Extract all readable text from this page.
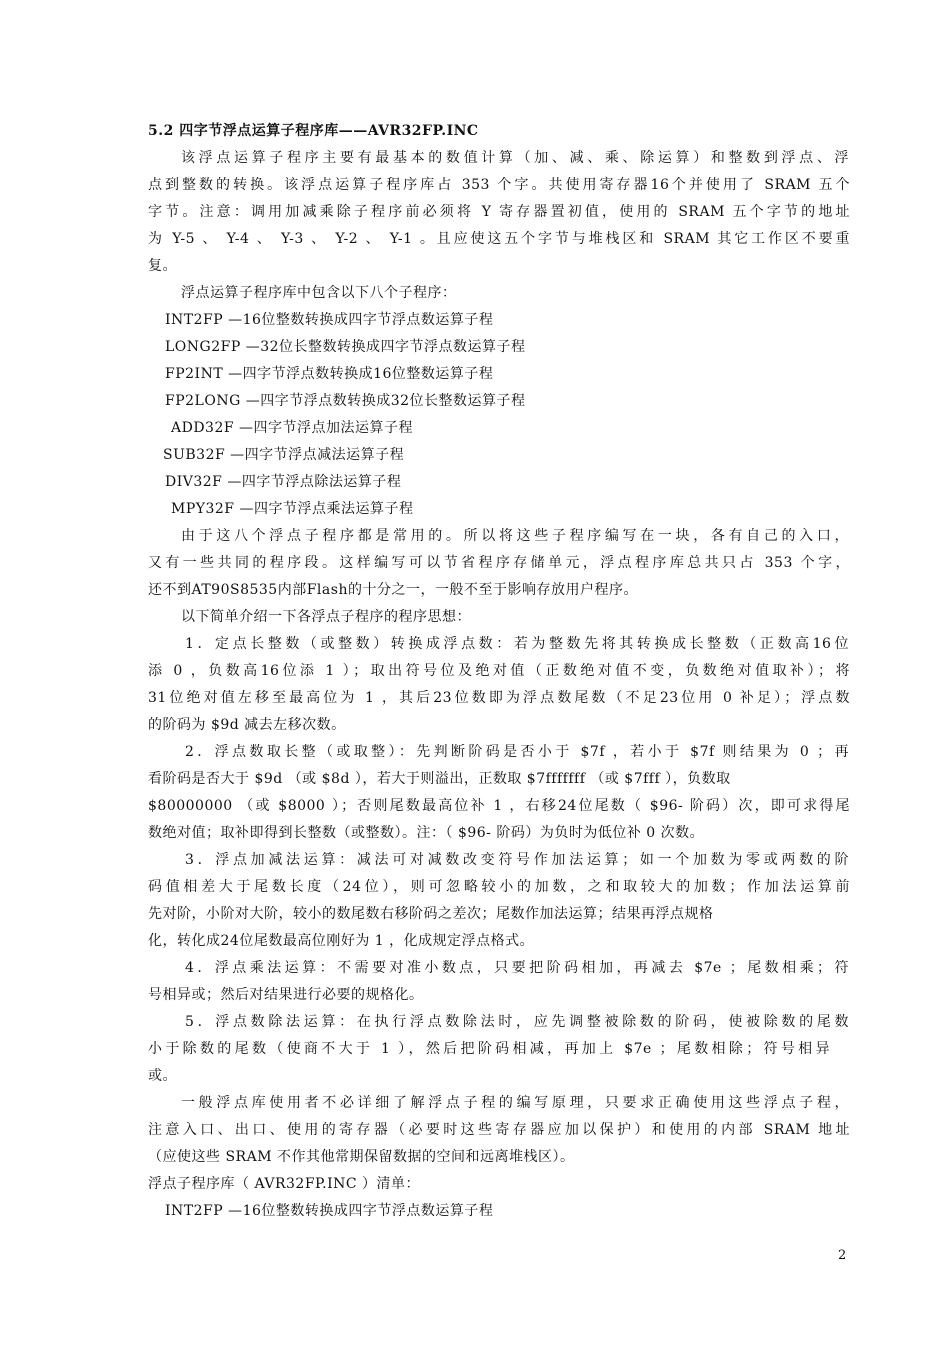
5.2 四字节浮点运算子程序库——AVR32FP.INC
该浮点运算子程序主要有最基本的数值计算（加、减、乘、除运算）和整数到浮点、浮
点到整数的转换。该浮点运算子程序库占 353 个字。共使用寄存器16个并使用了 SRAM 五个
字节。注意：调用加减乘除子程序前必须将 Y 寄存器置初值，使用的 SRAM 五个字节的地址
为 Y-5 、 Y-4 、 Y-3 、 Y-2 、 Y-1 。且应使这五个字节与堆栈区和 SRAM 其它工作区不要重
复。
浮点运算子程序库中包含以下八个子程序：
INT2FP —16位整数转换成四字节浮点数运算子程
LONG2FP —32位长整数转换成四字节浮点数运算子程
FP2INT —四字节浮点数转换成16位整数运算子程
FP2LONG —四字节浮点数转换成32位长整数运算子程
ADD32F —四字节浮点加法运算子程
SUB32F —四字节浮点减法运算子程
DIV32F —四字节浮点除法运算子程
MPY32F —四字节浮点乘法运算子程
由于这八个浮点子程序都是常用的。所以将这些子程序编写在一块，各有自己的入口，
又有一些共同的程序段。这样编写可以节省程序存储单元，浮点程序库总共只占 353 个字，
还不到AT90S8535内部Flash的十分之一，一般不至于影响存放用户程序。
以下简单介绍一下各浮点子程序的程序思想：
1．定点长整数（或整数）转换成浮点数：若为整数先将其转换成长整数（正数高16位
添 0 ，负数高16位添 1 ）；取出符号位及绝对值（正数绝对值不变，负数绝对值取补）；将
31位绝对值左移至最高位为 1 ，其后23位数即为浮点数尾数（不足23位用 0 补足）；浮点数
的阶码为 $9d 减去左移次数。
2．浮点数取长整（或取整）：先判断阶码是否小于 $7f ，若小于 $7f 则结果为 0 ；再
看阶码是否大于 $9d （或 $8d ），若大于则溢出，正数取 $7fffffff （或 $7fff ），负数取
$80000000 （或 $8000 ）；否则尾数最高位补 1 ，右移24位尾数（ $96- 阶码）次，即可求得尾
数绝对值；取补即得到长整数（或整数）。注：（ $96- 阶码）为负时为低位补 0 次数。
3．浮点加减法运算：减法可对减数改变符号作加法运算；如一个加数为零或两数的阶
码值相差大于尾数长度（24位），则可忽略较小的加数，之和取较大的加数；作加法运算前
先对阶，小阶对大阶，较小的数尾数右移阶码之差次；尾数作加法运算；结果再浮点规格
化，转化成24位尾数最高位刚好为 1 ，化成规定浮点格式。
4．浮点乘法运算：不需要对准小数点，只要把阶码相加，再减去 $7e ；尾数相乘；符
号相异或；然后对结果进行必要的规格化。
5．浮点数除法运算：在执行浮点数除法时，应先调整被除数的阶码，使被除数的尾数
小于除数的尾数（使商不大于 1 ），然后把阶码相减，再加上 $7e ；尾数相除；符号相异
或。
一般浮点库使用者不必详细了解浮点子程的编写原理，只要求正确使用这些浮点子程，
注意入口、出口、使用的寄存器（必要时这些寄存器应加以保护）和使用的内部 SRAM 地址
（应使这些 SRAM 不作其他常期保留数据的空间和远离堆栈区）。
浮点子程序库（ AVR32FP.INC ）清单：
INT2FP —16位整数转换成四字节浮点数运算子程
2
